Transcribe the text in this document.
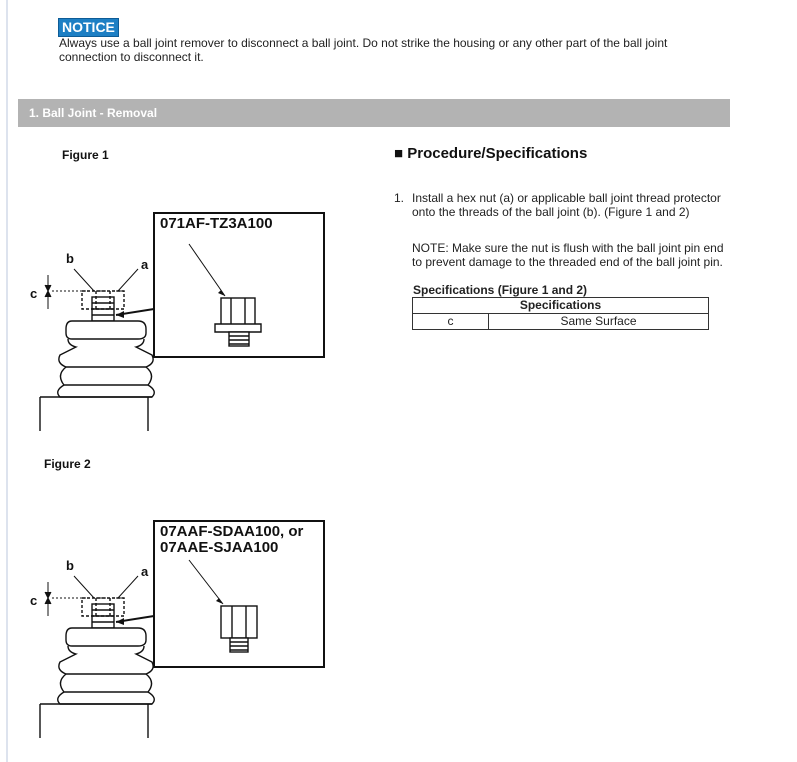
NOTICE
Always use a ball joint remover to disconnect a ball joint. Do not strike the housing or any other part of the ball joint connection to disconnect it.
1. Ball Joint - Removal
Figure 1
c
b	a
071AF-TZ3A100
Figure 2
c
b	a
07AAF-SDAA100, or
07AAE-SJAA100
■ Procedure/Specifications
1. Install a hex nut (a) or applicable ball joint thread protector onto the threads of the ball joint (b). (Figure 1 and 2)
NOTE: Make sure the nut is flush with the ball joint pin end to prevent damage to the threaded end of the ball joint pin.
Specifications (Figure 1 and 2)
Specifications
c	Same Surface
